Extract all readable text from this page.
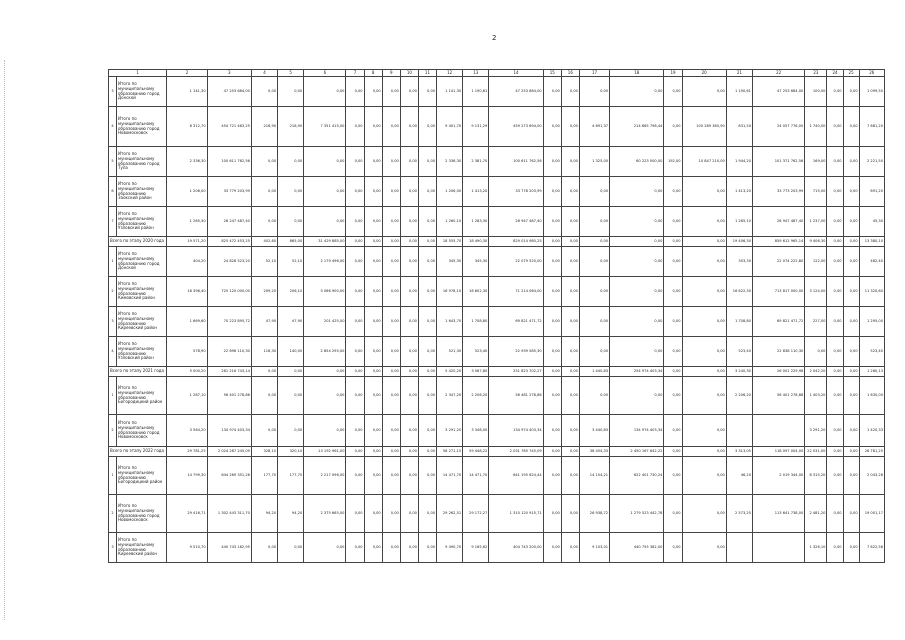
2
1		2	3	4	5	6	7	8	9	10	11	12	13	14	15	16	17	18	19	20	21	22	23	24	25	26
3	Итого по муниципальному образованию город Донской	1 141,30	47 253 684,00	0,00	0,00	0,00	0,00	0,00	0,00	0,00	0,00	1 141,30	1 190,61	47 253 684,00	0,00	0,00	0,00	0,00	0,00	0,00	1 190,61	47 253 684,00	100,00	0,00	0,00	1 099,50
4	Итого по муниципальному образованию город Новомосковск	8 312,70	454 721 463,25	218,90	218,90	7 351 415,00	0,00	0,00	0,00	0,00	0,00	9 401,70	9 131,29	459 273 694,00	0,00	0,00	4 691,37	214 665 798,44	0,00	100 289 365,90	831,50	24 057 776,00	1 740,00	0,00	0,00	7 681,20
5	Итого по муниципальному образованию город Тула	2 336,30	100 611 762,56	0,00	0,00	0,00	0,00	0,00	0,00	0,00	0,00	2 336,30	2 381,70	100 611 762,56	0,00	0,00	1 325,00	60 223 000,00	192,00	10 847 210,00	1 944,20	101 371 762,56	169,00	0,00	0,00	2 221,50
6	Итого по муниципальному образованию Заокский район	1 206,00	33 779 203,99	0,00	0,00	0,00	0,00	0,00	0,00	0,00	0,00	1 206,00	1 413,20	33 778 203,99	0,00	0,00	0,00	0,00	0,00	0,00	1 413,20	33 773 203,99	715,00	0,00	0,00	691,20
7	Итого по муниципальному образованию Узловский район	1 265,30	26 247 487,40	0,00	0,00	0,00	0,00	0,00	0,00	0,00	0,00	1 260,10	1 283,30	28 947 487,40	0,00	0,00	0,00	0,00	0,00	0,00	1 265,10	26 947 487,40	1 237,00	0,00	0,00	45,30
Всего по этапу 2020 года		19 571,20	825 472 453,25	402,80	865,00	31 429 885,00	0,00	0,00	0,00	0,00	0,00	18 555,70	18 490,30	829 014 980,25	0,00	0,00	0,00	0,00	0,00	0,00	19 406,30	859 612 965,14	9 406,30	0,00	0,00	13 380,10
1	Итого по муниципальному образованию город Донской	404,20	24 828 523,20	52,10	52,10	2 179 496,00	0,00	0,00	0,00	0,00	0,00	345,30	345,30	22 079 520,00	0,00	0,00	0,00	0,00	0,00	0,00	353,30	22 074 222,80	122,00	0,00	0,00	482,40
2	Итого по муниципальному образованию Кимовский район	16 396,40	725 120 000,00	209,20	206,10	5 066 900,00	0,00	0,00	0,00	0,00	0,00	16 978,10	16 602,30	71 214 064,00	0,00	0,00	0,00	0,00	0,00	0,00	16 622,30	713 817 000,00	3 124,00	0,00	0,00	11 320,60
3	Итого по муниципальному образованию Киреевский район	1 669,60	70 223 895,72	47,90	47,90	201 425,00	0,00	0,00	0,00	0,00	0,00	1 643,70	1 708,80	69 821 471,72	0,00	0,00	0,00	0,00	0,00	0,00	1 708,80	69 821 471,72	227,00	0,00	0,00	1 295,00
4	Итого по муниципальному образованию Узловский район	578,90	22 696 110,30	116,30	140,00	2 854 295,00	0,00	0,00	0,00	0,00	0,00	521,30	523,40	22 939 585,30	0,00	0,00	0,00	0,00	0,00	0,00	523,40	22 838 110,30	0,00	0,00	0,00	523,40
Всего по этапу 2021 года		5 000,20	261 216 743,14	0,00	0,00	0,00	0,00	0,00	0,00	0,00	0,00	5 420,20	3 587,80	251 823 702,27	0,00	0,00	1 440,83	254 974 403,34	0,00	0,00	3 240,30	26 001 229,98	2 042,20	0,00	0,00	1 260,13
1	Итого по муниципальному образованию Богородицкий район	1 287,10	56 401 278,86	0,00	0,00	0,00	0,00	0,00	0,00	0,00	0,00	2 347,20	2 206,20	56 481 278,86	0,00	0,00	0,00	0,00	0,00	0,00	2 206,20	56 401 278,86	1 403,20	0,00	0,00	1 630,00
2	Итого по муниципальному образованию город Новомосковск	3 564,20	134 974 403,34	0,00	0,00	0,00	0,00	0,00	0,00	0,00	0,00	3 291,20	3 348,00	134 974 403,34	0,00	0,00	3 440,83	134 974 403,34	0,00	0,00			3 291,20	0,00	0,00	1 420,33
Всего по этапу 2022 года		29 781,25	2 024 287 245,09	328,10	320,10	13 192 961,00	0,00	0,00	0,00	0,00	0,00	58 271,15	59 448,22	2 031 765 745,09	0,00	0,00	36 454,33	2 450 167 642,22	0,00	0,00	3 313,05	118 097 004,00	22 031,00	0,00	0,00	26 781,25
1	Итого по муниципальному образованию Богородицкий район	14 799,30	644 269 351,26	177,70	177,70	2 217 096,00	0,00	0,00	0,00	0,00	0,00	14 471,70	14 471,70	641 195 624,44	0,00	0,00	14 154,21	622 401 730,24	0,00	0,00	46,20	2 019 344,00	8 315,20	0,00	0,00	2 043,26
2	Итого по муниципальному образованию город Новомосковск	29 416,71	1 302 443 311,70	94,20	94,20	2 375 665,00	0,00	0,00	0,00	0,00	0,00	29 262,51	29 172,27	1 310 120 915,71	0,00	0,00	26 938,72	1 279 523 442,78	0,00	0,00	2 573,25	113 641 738,00	2 481,20	0,00	0,00	19 001,17
3	Итого по муниципальному образованию Киреевский район	9 510,70	440 743 182,95	0,00	0,00	0,00	0,00	0,00	0,00	0,00	0,00	9 490,70	9 165,62	404 743 200,00	0,00	0,00	9 103,01	440 755 382,00	0,00	0,00			1 326,10	0,00	0,00	7 622,56
